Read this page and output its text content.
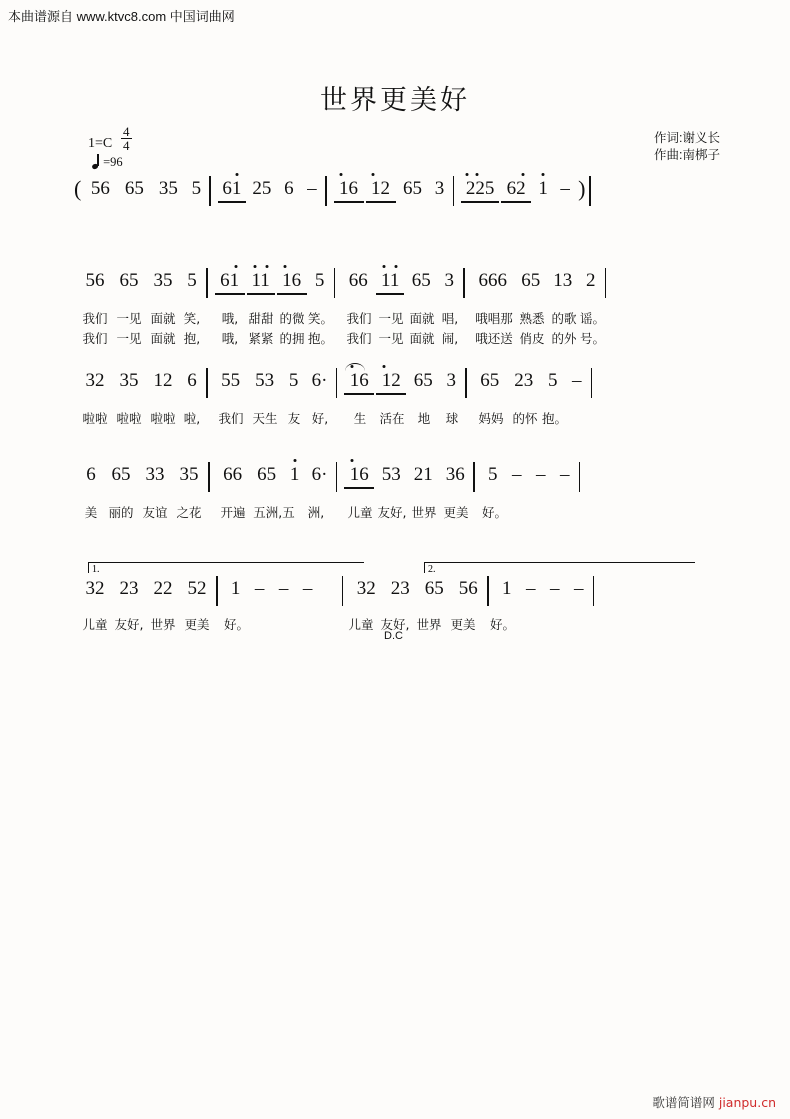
本曲谱源自 www.ktvc8.com 中国词曲网
世界更美好
作词:谢义长
作曲:南梆子
$1=C \frac{4}{4}$
=96
( 56 65 35 5	61 25 6 –	16 12 65 3	225 62 1 – )
56 65 35 5	61 11 16 5	66 11 65 3	666 65 13 2
我们 一见 面就 笑,	哦, 甜甜 的微 笑。	我们 一见 面就 唱,	哦唱那 熟悉 的歌 谣。
我们 一见 面就 抱,	哦, 紧紧 的拥 抱。	我们 一见 面就 闹,	哦还送 俏皮 的外 号。
32 35 12 6	55 53 5 6·	16 12 65 3	65 23 5 –
啦啦 啦啦 啦啦 啦,	我们 天生 友 好,	生	活在	地	球	妈妈 的怀 抱。
6 65 33 35	66 65 1 6·	16 53 21 36	5 – – –
美 丽的 友谊 之花	开遍 五洲,五	洲,	儿童 友好, 世界 更美 好。
1.	2.
32 23 22 52	1 – – –	32 23 65 56	1 – – –
儿童 友好, 世界 更美	好。	儿童 友好, 世界 更美	好。
D.C
歌谱简谱网 jianpu.cn
